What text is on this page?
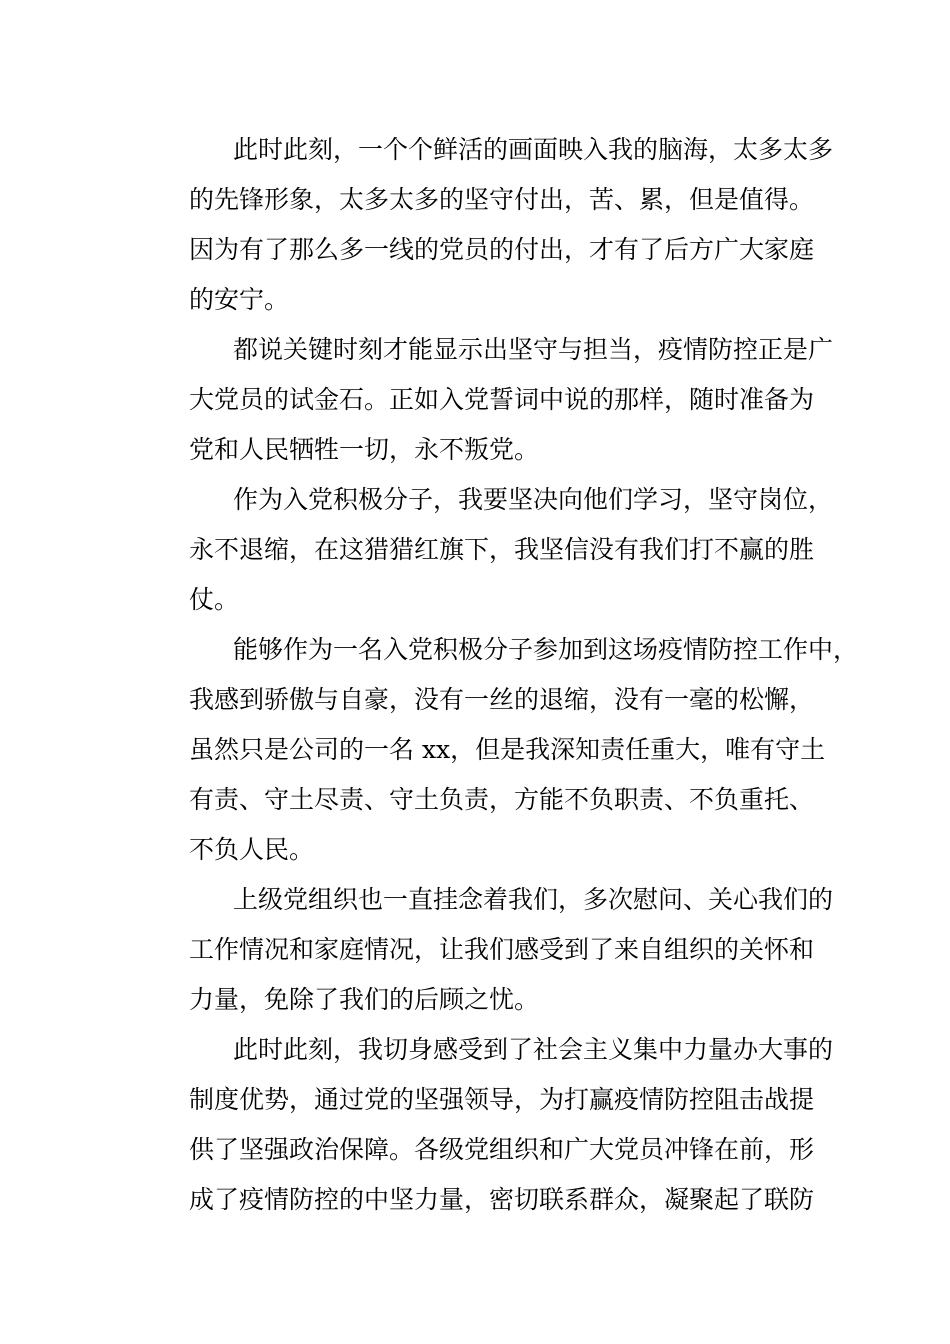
此时此刻，一个个鲜活的画面映入我的脑海，太多太多
的先锋形象，太多太多的坚守付出，苦、累，但是值得。
因为有了那么多一线的党员的付出，才有了后方广大家庭
的安宁。
都说关键时刻才能显示出坚守与担当，疫情防控正是广
大党员的试金石。正如入党誓词中说的那样，随时准备为
党和人民牺牲一切，永不叛党。
作为入党积极分子，我要坚决向他们学习，坚守岗位，
永不退缩，在这猎猎红旗下，我坚信没有我们打不赢的胜
仗。
能够作为一名入党积极分子参加到这场疫情防控工作中，
我感到骄傲与自豪，没有一丝的退缩，没有一毫的松懈，
虽然只是公司的一名 xx，但是我深知责任重大，唯有守土
有责、守土尽责、守土负责，方能不负职责、不负重托、
不负人民。
上级党组织也一直挂念着我们，多次慰问、关心我们的
工作情况和家庭情况，让我们感受到了来自组织的关怀和
力量，免除了我们的后顾之忧。
此时此刻，我切身感受到了社会主义集中力量办大事的
制度优势，通过党的坚强领导，为打赢疫情防控阻击战提
供了坚强政治保障。各级党组织和广大党员冲锋在前，形
成了疫情防控的中坚力量，密切联系群众，凝聚起了联防
